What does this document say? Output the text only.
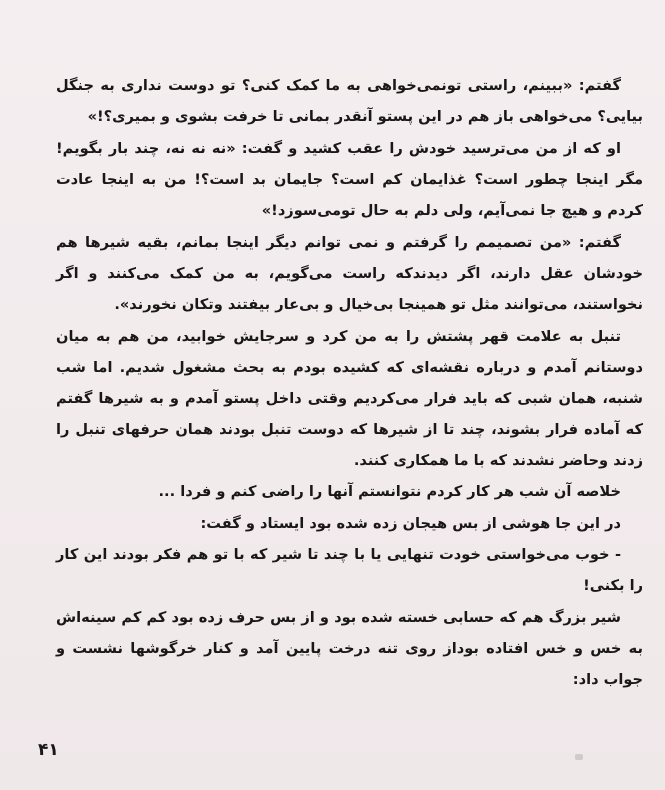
گفتم: «ببینم، راستی تونمی‌خواهی به ما کمک کنی؟ تو دوست نداری به جنگل بیایی؟ می‌خواهی باز هم در این پستو آنقدر بمانی تا خرفت بشوی و بمیری؟!»

او که از من می‌ترسید خودش را عقب کشید و گفت: «نه نه نه، چند بار بگویم! مگر اینجا چطور است؟ غذایمان کم است؟ جایمان بد است؟! من به اینجا عادت کردم و هیچ جا نمی‌آیم، ولی دلم به حال تومی‌سوزد!»

گفتم: «من تصمیمم را گرفتم و نمی توانم دیگر اینجا بمانم، بقیه شیرها هم خودشان عقل دارند، اگر دیدندکه راست می‌گویم، به من کمک می‌کنند و اگر نخواستند، می‌توانند مثل تو همینجا بی‌خیال و بی‌عار بیفتند وتکان نخورند».

تنبل به علامت قهر پشتش را به من کرد و سرجایش خوابید، من هم به میان دوستانم آمدم و درباره نقشه‌ای که کشیده بودم به بحث مشغول شدیم. اما شب شنبه، همان شبی که باید فرار می‌کردیم وقتی داخل پستو آمدم و به شیرها گفتم که آماده فرار بشوند، چند تا از شیرها که دوست تنبل بودند همان حرفهای تنبل را زدند وحاضر نشدند که با ما همکاری کنند.

خلاصه آن شب هر کار کردم نتوانستم آنها را راضی کنم و فردا ...

در این جا هوشی از بس هیجان زده شده بود ایستاد و گفت:

- خوب می‌خواستی خودت تنهایی یا با چند تا شیر که با تو هم فکر بودند این کار را بکنی!

شیر بزرگ هم که حسابی خسته شده بود و از بس حرف زده بود کم کم سینه‌اش به خس و خس افتاده بوداز روی تنه درخت پایین آمد و کنار خرگوشها نشست و جواب داد:

۴۱
